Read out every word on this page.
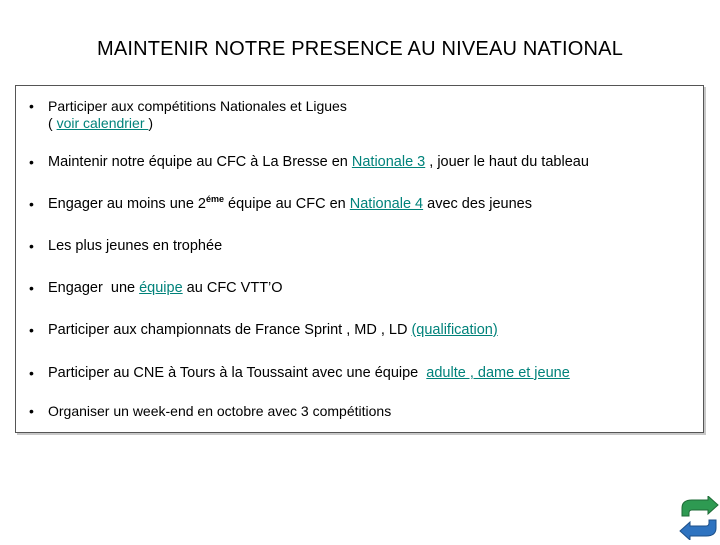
MAINTENIR NOTRE PRESENCE AU NIVEAU NATIONAL
• Participer aux compétitions Nationales et Ligues
( voir calendrier )
• Maintenir notre équipe au CFC à La Bresse en Nationale 3 , jouer le haut du tableau
• Engager au moins une $2^{éme}$ équipe au CFC en Nationale 4 avec des jeunes
• Les plus jeunes en trophée
• Engager  une équipe au CFC VTT’O
• Participer aux championnats de France Sprint , MD , LD (qualification)
• Participer au CNE à Tours à la Toussaint avec une équipe  adulte , dame et jeune
• Organiser un week-end en octobre avec 3 compétitions
